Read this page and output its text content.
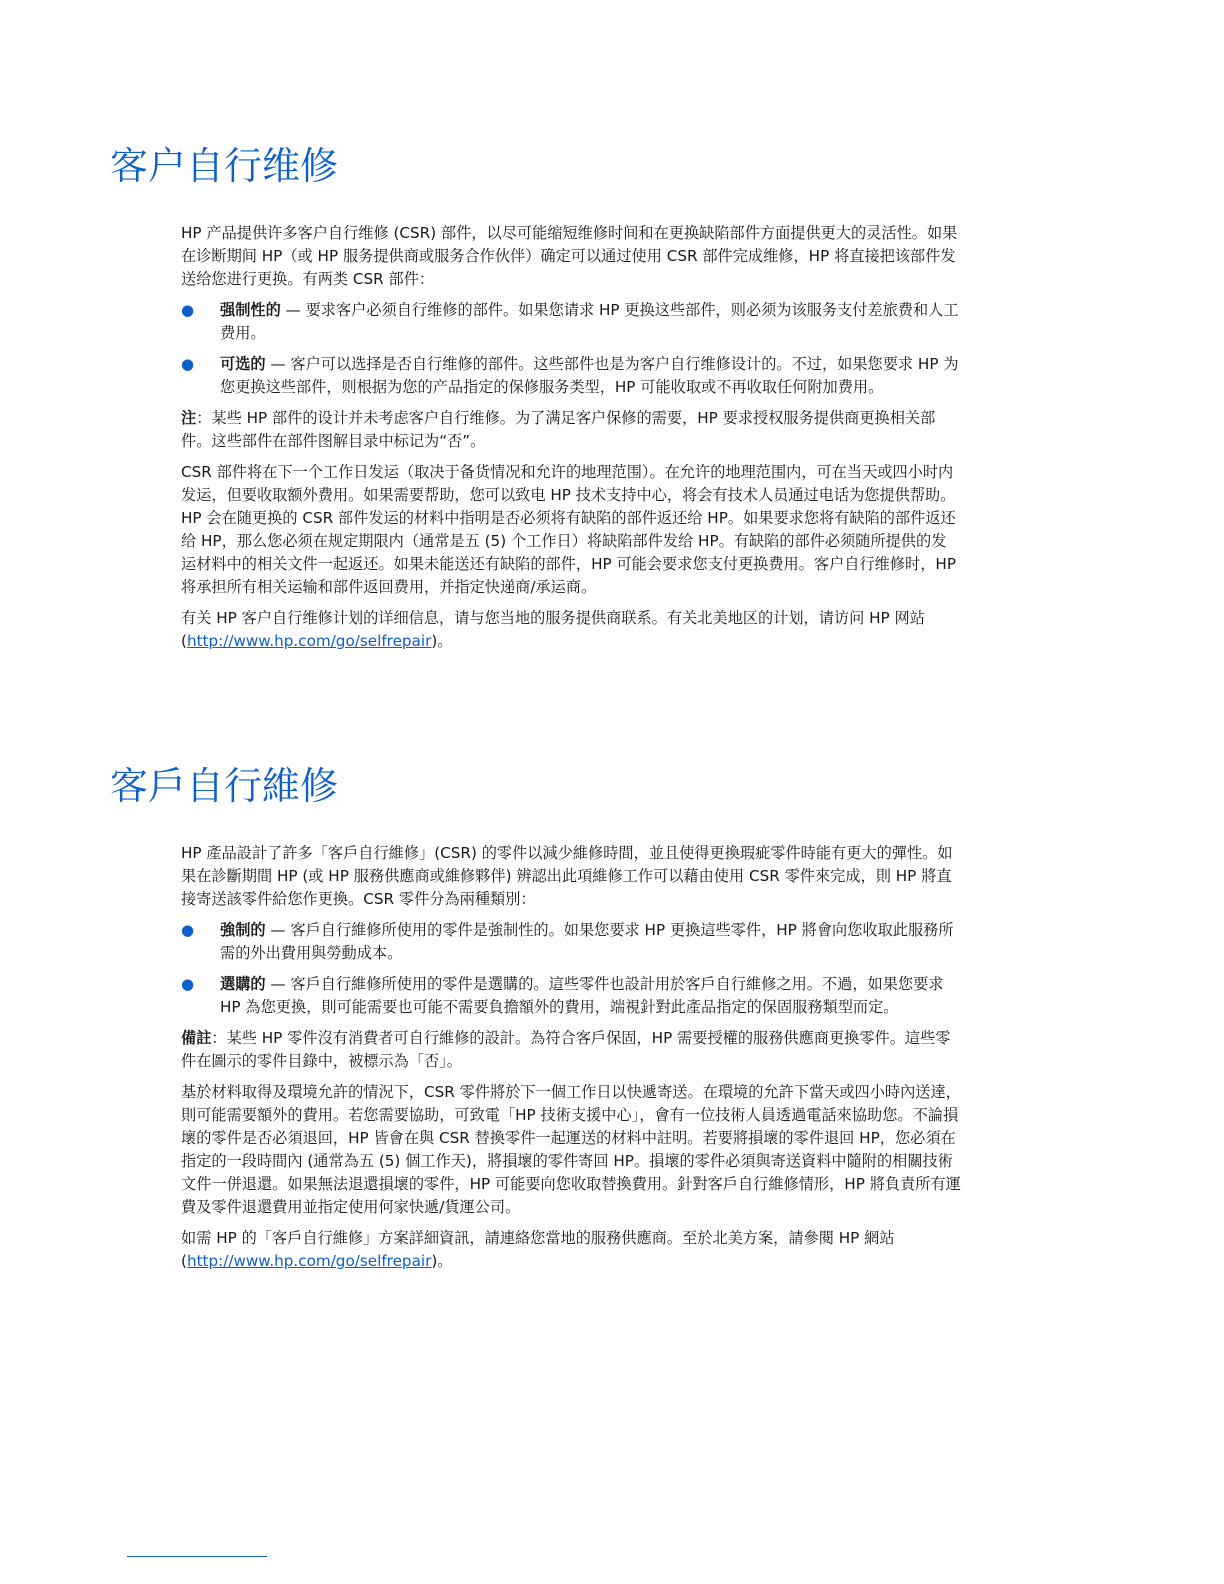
客户自行维修

HP 产品提供许多客户自行维修 (CSR) 部件，以尽可能缩短维修时间和在更换缺陷部件方面提供更大的灵活性。如果在诊断期间 HP（或 HP 服务提供商或服务合作伙伴）确定可以通过使用 CSR 部件完成维修，HP 将直接把该部件发送给您进行更换。有两类 CSR 部件：

● 强制性的 — 要求客户必须自行维修的部件。如果您请求 HP 更换这些部件，则必须为该服务支付差旅费和人工费用。
● 可选的 — 客户可以选择是否自行维修的部件。这些部件也是为客户自行维修设计的。不过，如果您要求 HP 为您更换这些部件，则根据为您的产品指定的保修服务类型，HP 可能收取或不再收取任何附加费用。

注：某些 HP 部件的设计并未考虑客户自行维修。为了满足客户保修的需要，HP 要求授权服务提供商更换相关部件。这些部件在部件图解目录中标记为“否”。

CSR 部件将在下一个工作日发运（取决于备货情况和允许的地理范围）。在允许的地理范围内，可在当天或四小时内发运，但要收取额外费用。如果需要帮助，您可以致电 HP 技术支持中心，将会有技术人员通过电话为您提供帮助。HP 会在随更换的 CSR 部件发运的材料中指明是否必须将有缺陷的部件返还给 HP。如果要求您将有缺陷的部件返还给 HP，那么您必须在规定期限内（通常是五 (5) 个工作日）将缺陷部件发给 HP。有缺陷的部件必须随所提供的发运材料中的相关文件一起返还。如果未能送还有缺陷的部件，HP 可能会要求您支付更换费用。客户自行维修时，HP 将承担所有相关运输和部件返回费用，并指定快递商/承运商。

有关 HP 客户自行维修计划的详细信息，请与您当地的服务提供商联系。有关北美地区的计划，请访问 HP 网站 (http://www.hp.com/go/selfrepair)。

客戶自行維修

HP 產品設計了許多「客戶自行維修」(CSR) 的零件以減少維修時間，並且使得更換瑕疵零件時能有更大的彈性。如果在診斷期間 HP (或 HP 服務供應商或維修夥伴) 辨認出此項維修工作可以藉由使用 CSR 零件來完成，則 HP 將直接寄送該零件給您作更換。CSR 零件分為兩種類別：

● 強制的 — 客戶自行維修所使用的零件是強制性的。如果您要求 HP 更換這些零件，HP 將會向您收取此服務所需的外出費用與勞動成本。
● 選購的 — 客戶自行維修所使用的零件是選購的。這些零件也設計用於客戶自行維修之用。不過，如果您要求 HP 為您更換，則可能需要也可能不需要負擔額外的費用，端視針對此產品指定的保固服務類型而定。

備註：某些 HP 零件沒有消費者可自行維修的設計。為符合客戶保固，HP 需要授權的服務供應商更換零件。這些零件在圖示的零件目錄中，被標示為「否」。

基於材料取得及環境允許的情況下，CSR 零件將於下一個工作日以快遞寄送。在環境的允許下當天或四小時內送達，則可能需要額外的費用。若您需要協助，可致電「HP 技術支援中心」，會有一位技術人員透過電話來協助您。不論損壞的零件是否必須退回，HP 皆會在與 CSR 替換零件一起運送的材料中註明。若要將損壞的零件退回 HP，您必須在指定的一段時間內 (通常為五 (5) 個工作天)，將損壞的零件寄回 HP。損壞的零件必須與寄送資料中隨附的相關技術文件一併退還。如果無法退還損壞的零件，HP 可能要向您收取替換費用。針對客戶自行維修情形，HP 將負責所有運費及零件退還費用並指定使用何家快遞/貨運公司。

如需 HP 的「客戶自行維修」方案詳細資訊，請連絡您當地的服務供應商。至於北美方案，請參閱 HP 網站 (http://www.hp.com/go/selfrepair)。
